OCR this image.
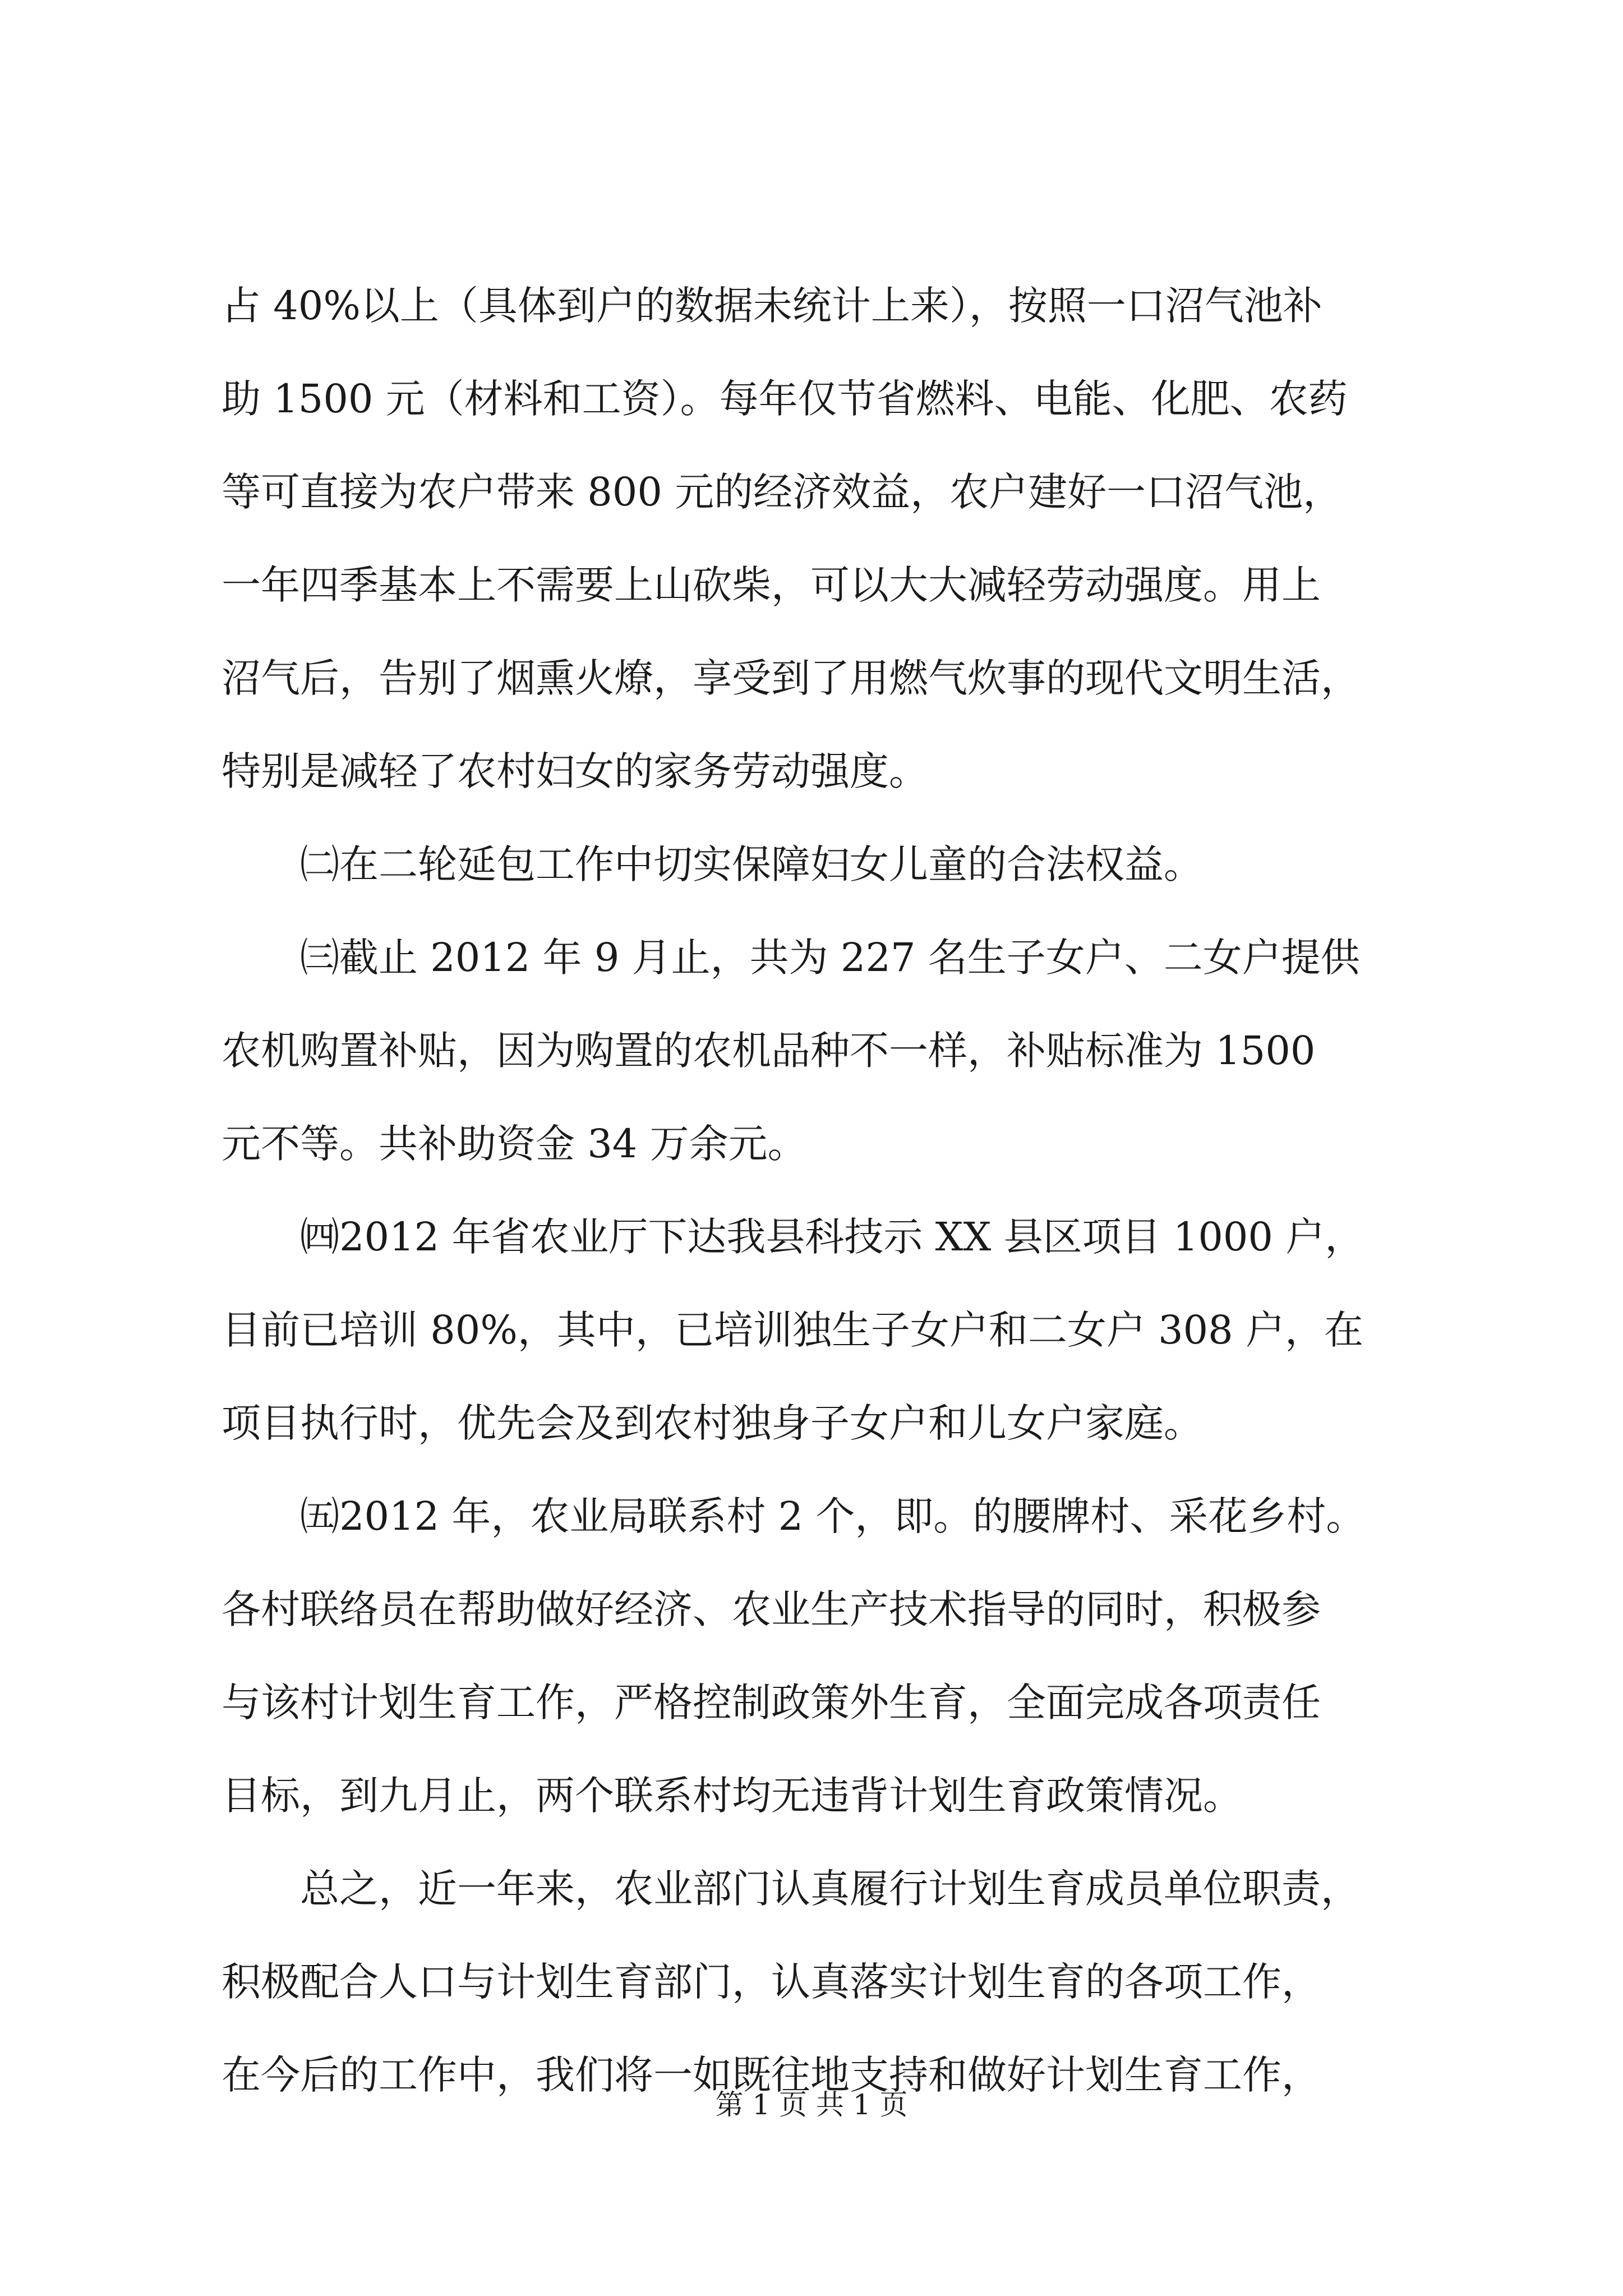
占 40%以上（具体到户的数据未统计上来），按照一口沼气池补
助 1500 元（材料和工资）。每年仅节省燃料、电能、化肥、农药
等可直接为农户带来 800 元的经济效益，农户建好一口沼气池，
一年四季基本上不需要上山砍柴，可以大大减轻劳动强度。用上
沼气后，告别了烟熏火燎，享受到了用燃气炊事的现代文明生活，
特别是减轻了农村妇女的家务劳动强度。
㈡在二轮延包工作中切实保障妇女儿童的合法权益。
㈢截止 2012 年 9 月止，共为 227 名生子女户、二女户提供
农机购置补贴，因为购置的农机品种不一样，补贴标准为 1500
元不等。共补助资金 34 万余元。
㈣2012 年省农业厅下达我县科技示 XX 县区项目 1000 户，
目前已培训 80%，其中，已培训独生子女户和二女户 308 户，在
项目执行时，优先会及到农村独身子女户和儿女户家庭。
㈤2012 年，农业局联系村 2 个，即。的腰牌村、采花乡村。
各村联络员在帮助做好经济、农业生产技术指导的同时，积极参
与该村计划生育工作，严格控制政策外生育，全面完成各项责任
目标，到九月止，两个联系村均无违背计划生育政策情况。
总之，近一年来，农业部门认真履行计划生育成员单位职责，
积极配合人口与计划生育部门，认真落实计划生育的各项工作，
在今后的工作中，我们将一如既往地支持和做好计划生育工作，
第 1 页 共 1 页
